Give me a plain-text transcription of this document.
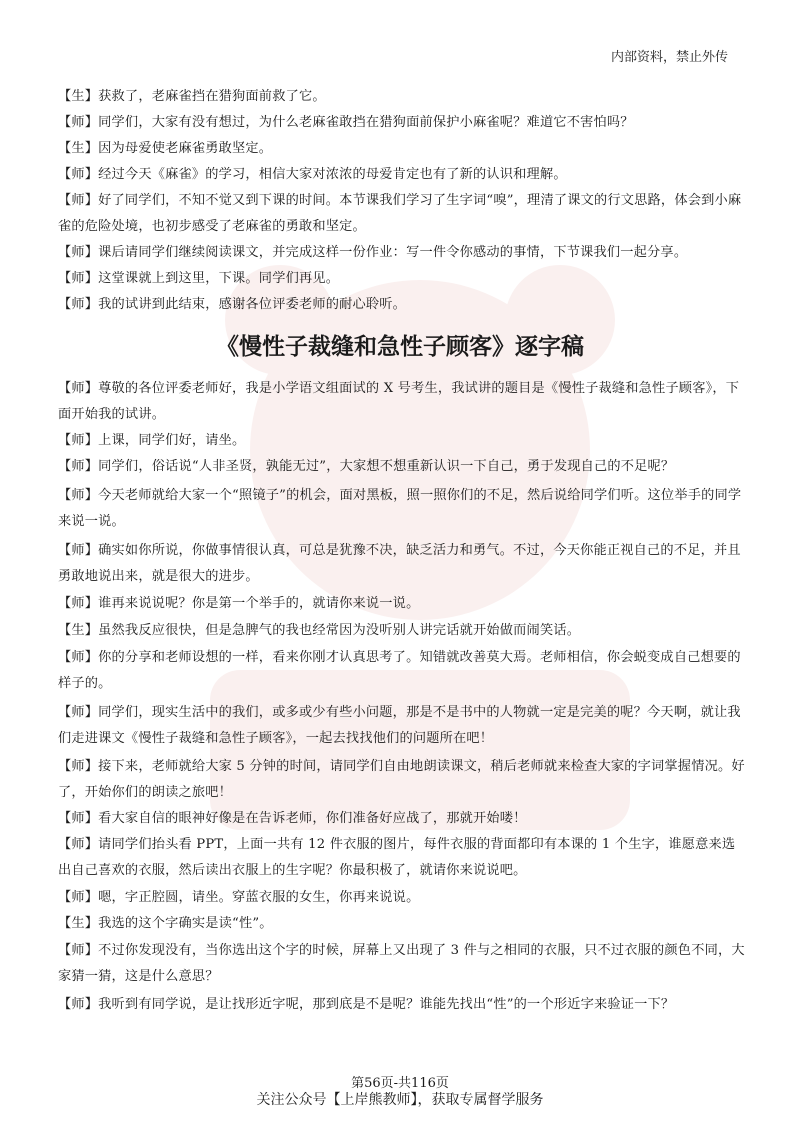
内部资料，禁止外传
【生】获救了，老麻雀挡在猎狗面前救了它。
【师】同学们，大家有没有想过，为什么老麻雀敢挡在猎狗面前保护小麻雀呢？难道它不害怕吗？
【生】因为母爱使老麻雀勇敢坚定。
【师】经过今天《麻雀》的学习，相信大家对浓浓的母爱肯定也有了新的认识和理解。
【师】好了同学们，不知不觉又到下课的时间。本节课我们学习了生字词“嗅”，理清了课文的行文思路，体会到小麻雀的危险处境，也初步感受了老麻雀的勇敢和坚定。
【师】课后请同学们继续阅读课文，并完成这样一份作业：写一件令你感动的事情，下节课我们一起分享。
【师】这堂课就上到这里，下课。同学们再见。
【师】我的试讲到此结束，感谢各位评委老师的耐心聆听。
《慢性子裁缝和急性子顾客》逐字稿
【师】尊敬的各位评委老师好，我是小学语文组面试的 X 号考生，我试讲的题目是《慢性子裁缝和急性子顾客》，下面开始我的试讲。
【师】上课，同学们好，请坐。
【师】同学们，俗话说“人非圣贤，孰能无过”，大家想不想重新认识一下自己，勇于发现自己的不足呢？
【师】今天老师就给大家一个“照镜子”的机会，面对黑板，照一照你们的不足，然后说给同学们听。这位举手的同学来说一说。
【师】确实如你所说，你做事情很认真，可总是犹豫不决，缺乏活力和勇气。不过，今天你能正视自己的不足，并且勇敢地说出来，就是很大的进步。
【师】谁再来说说呢？你是第一个举手的，就请你来说一说。
【生】虽然我反应很快，但是急脾气的我也经常因为没听别人讲完话就开始做而闹笑话。
【师】你的分享和老师设想的一样，看来你刚才认真思考了。知错就改善莫大焉。老师相信，你会蜕变成自己想要的样子的。
【师】同学们，现实生活中的我们，或多或少有些小问题，那是不是书中的人物就一定是完美的呢？今天啊，就让我们走进课文《慢性子裁缝和急性子顾客》，一起去找找他们的问题所在吧！
【师】接下来，老师就给大家 5 分钟的时间，请同学们自由地朗读课文，稍后老师就来检查大家的字词掌握情况。好了，开始你们的朗读之旅吧！
【师】看大家自信的眼神好像是在告诉老师，你们准备好应战了，那就开始喽！
【师】请同学们抬头看 PPT，上面一共有 12 件衣服的图片，每件衣服的背面都印有本课的 1 个生字，谁愿意来选出自己喜欢的衣服，然后读出衣服上的生字呢？你最积极了，就请你来说说吧。
【师】嗯，字正腔圆，请坐。穿蓝衣服的女生，你再来说说。
【生】我选的这个字确实是读“性”。
【师】不过你发现没有，当你选出这个字的时候，屏幕上又出现了 3 件与之相同的衣服，只不过衣服的颜色不同，大家猜一猜，这是什么意思？
【师】我听到有同学说，是让找形近字呢，那到底是不是呢？谁能先找出“性”的一个形近字来验证一下？
第56页-共116页
关注公众号【上岸熊教师】，获取专属督学服务
